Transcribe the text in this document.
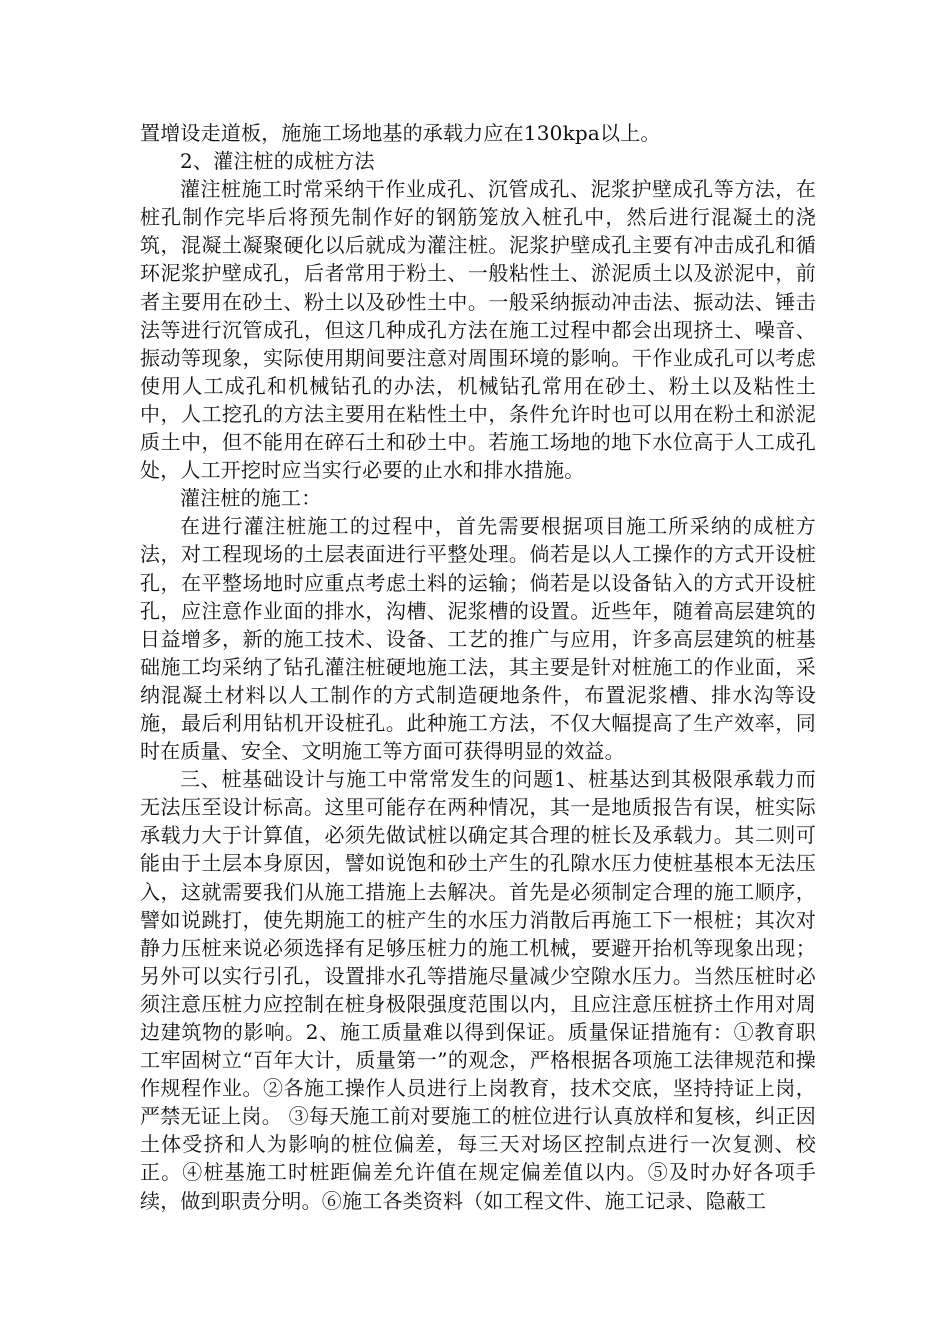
置增设走道板，施施工场地基的承载力应在130kpa以上。

2、灌注桩的成桩方法

灌注桩施工时常采纳干作业成孔、沉管成孔、泥浆护壁成孔等方法，在桩孔制作完毕后将预先制作好的钢筋笼放入桩孔中，然后进行混凝土的浇筑，混凝土凝聚硬化以后就成为灌注桩。泥浆护壁成孔主要有冲击成孔和循环泥浆护壁成孔，后者常用于粉土、一般粘性土、淤泥质土以及淤泥中，前者主要用在砂土、粉土以及砂性土中。一般采纳振动冲击法、振动法、锤击法等进行沉管成孔，但这几种成孔方法在施工过程中都会出现挤土、噪音、振动等现象，实际使用期间要注意对周围环境的影响。干作业成孔可以考虑使用人工成孔和机械钻孔的办法，机械钻孔常用在砂土、粉土以及粘性土中，人工挖孔的方法主要用在粘性土中，条件允许时也可以用在粉土和淤泥质土中，但不能用在碎石土和砂土中。若施工场地的地下水位高于人工成孔处，人工开挖时应当实行必要的止水和排水措施。

灌注桩的施工：

在进行灌注桩施工的过程中，首先需要根据项目施工所采纳的成桩方法，对工程现场的土层表面进行平整处理。倘若是以人工操作的方式开设桩孔，在平整场地时应重点考虑土料的运输；倘若是以设备钻入的方式开设桩孔，应注意作业面的排水，沟槽、泥浆槽的设置。近些年，随着高层建筑的日益增多，新的施工技术、设备、工艺的推广与应用，许多高层建筑的桩基础施工均采纳了钻孔灌注桩硬地施工法，其主要是针对桩施工的作业面，采纳混凝土材料以人工制作的方式制造硬地条件，布置泥浆槽、排水沟等设施，最后利用钻机开设桩孔。此种施工方法，不仅大幅提高了生产效率，同时在质量、安全、文明施工等方面可获得明显的效益。

三、桩基础设计与施工中常常发生的问题1、桩基达到其极限承载力而无法压至设计标高。这里可能存在两种情况，其一是地质报告有误，桩实际承载力大于计算值，必须先做试桩以确定其合理的桩长及承载力。其二则可能由于土层本身原因，譬如说饱和砂土产生的孔隙水压力使桩基根本无法压入，这就需要我们从施工措施上去解决。首先是必须制定合理的施工顺序，譬如说跳打，使先期施工的桩产生的水压力消散后再施工下一根桩；其次对静力压桩来说必须选择有足够压桩力的施工机械，要避开抬机等现象出现；另外可以实行引孔，设置排水孔等措施尽量减少空隙水压力。当然压桩时必须注意压桩力应控制在桩身极限强度范围以内，且应注意压桩挤土作用对周边建筑物的影响。2、施工质量难以得到保证。质量保证措施有：①教育职工牢固树立“百年大计，质量第一”的观念，严格根据各项施工法律规范和操作规程作业。②各施工操作人员进行上岗教育，技术交底，坚持持证上岗，严禁无证上岗。 ③每天施工前对要施工的桩位进行认真放样和复核，纠正因土体受挤和人为影响的桩位偏差，每三天对场区控制点进行一次复测、校正。④桩基施工时桩距偏差允许值在规定偏差值以内。⑤及时办好各项手续，做到职责分明。⑥施工各类资料（如工程文件、施工记录、隐蔽工
